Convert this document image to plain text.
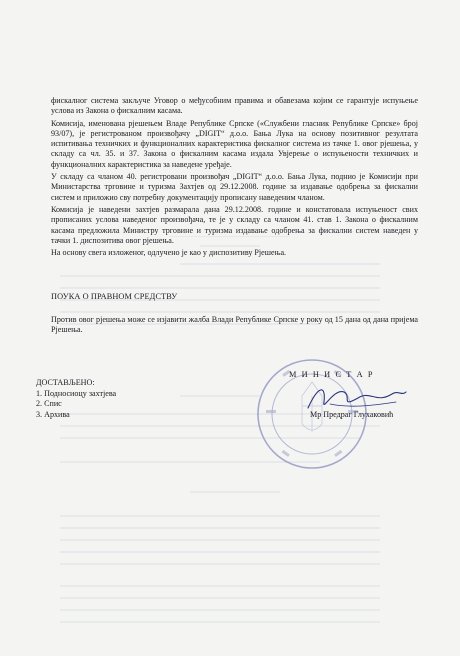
фискалног система закључе Уговор о међусобним правима и обавезама којим се гарантује испуњење услова из Закона о фискалним касама.

Комисија, именована рјешењем Владе Републике Српске («Службени гласник Републике Српске» број 93/07), је регистрованом произвођачу „DIGIT“ д.о.о. Бања Лука на основу позитивног резултата испитивања техничких и функционалних карактеристика фискалног система из тачке 1. овог рјешења, у складу са чл. 35. и 37. Закона о фискалним касама издала Увјерење о испуњености техничких и функционалних карактеристика за наведене уређаје.

У складу са чланом 40. регистровани произвођач „DIGIT“ д.о.о. Бања Лука, поднио је Комисији при Министарства трговине и туризма Захтјев од 29.12.2008. године за издавање одобрења за фискални систем и приложио сву потребну документацију прописану наведеним чланом.

Комисија је наведени захтјев размарала дана 29.12.2008. године и констатовала испуњеност свих прописаних услова наведеног произвођача, те је у складу са чланом 41. став 1. Закона о фискалним касама предложила Министру трговине и туризма издавање одобрења за фискални систем наведен у тачки 1. диспозитива овог рјешења.

На основу свега изложеног, одлучено је као у диспозитиву Рјешења.

ПОУКА О ПРАВНОМ СРЕДСТВУ
Против овог рјешења може се изјавити жалба Влади Републике Српске у року од 15 дана од дана пријема Рјешења.
ДОСТАВЉЕНО:
1. Подносиоцу захтјева
2. Спис
3. Архива
М И Н И С Т А Р
Мр Предраг Глухаковић
